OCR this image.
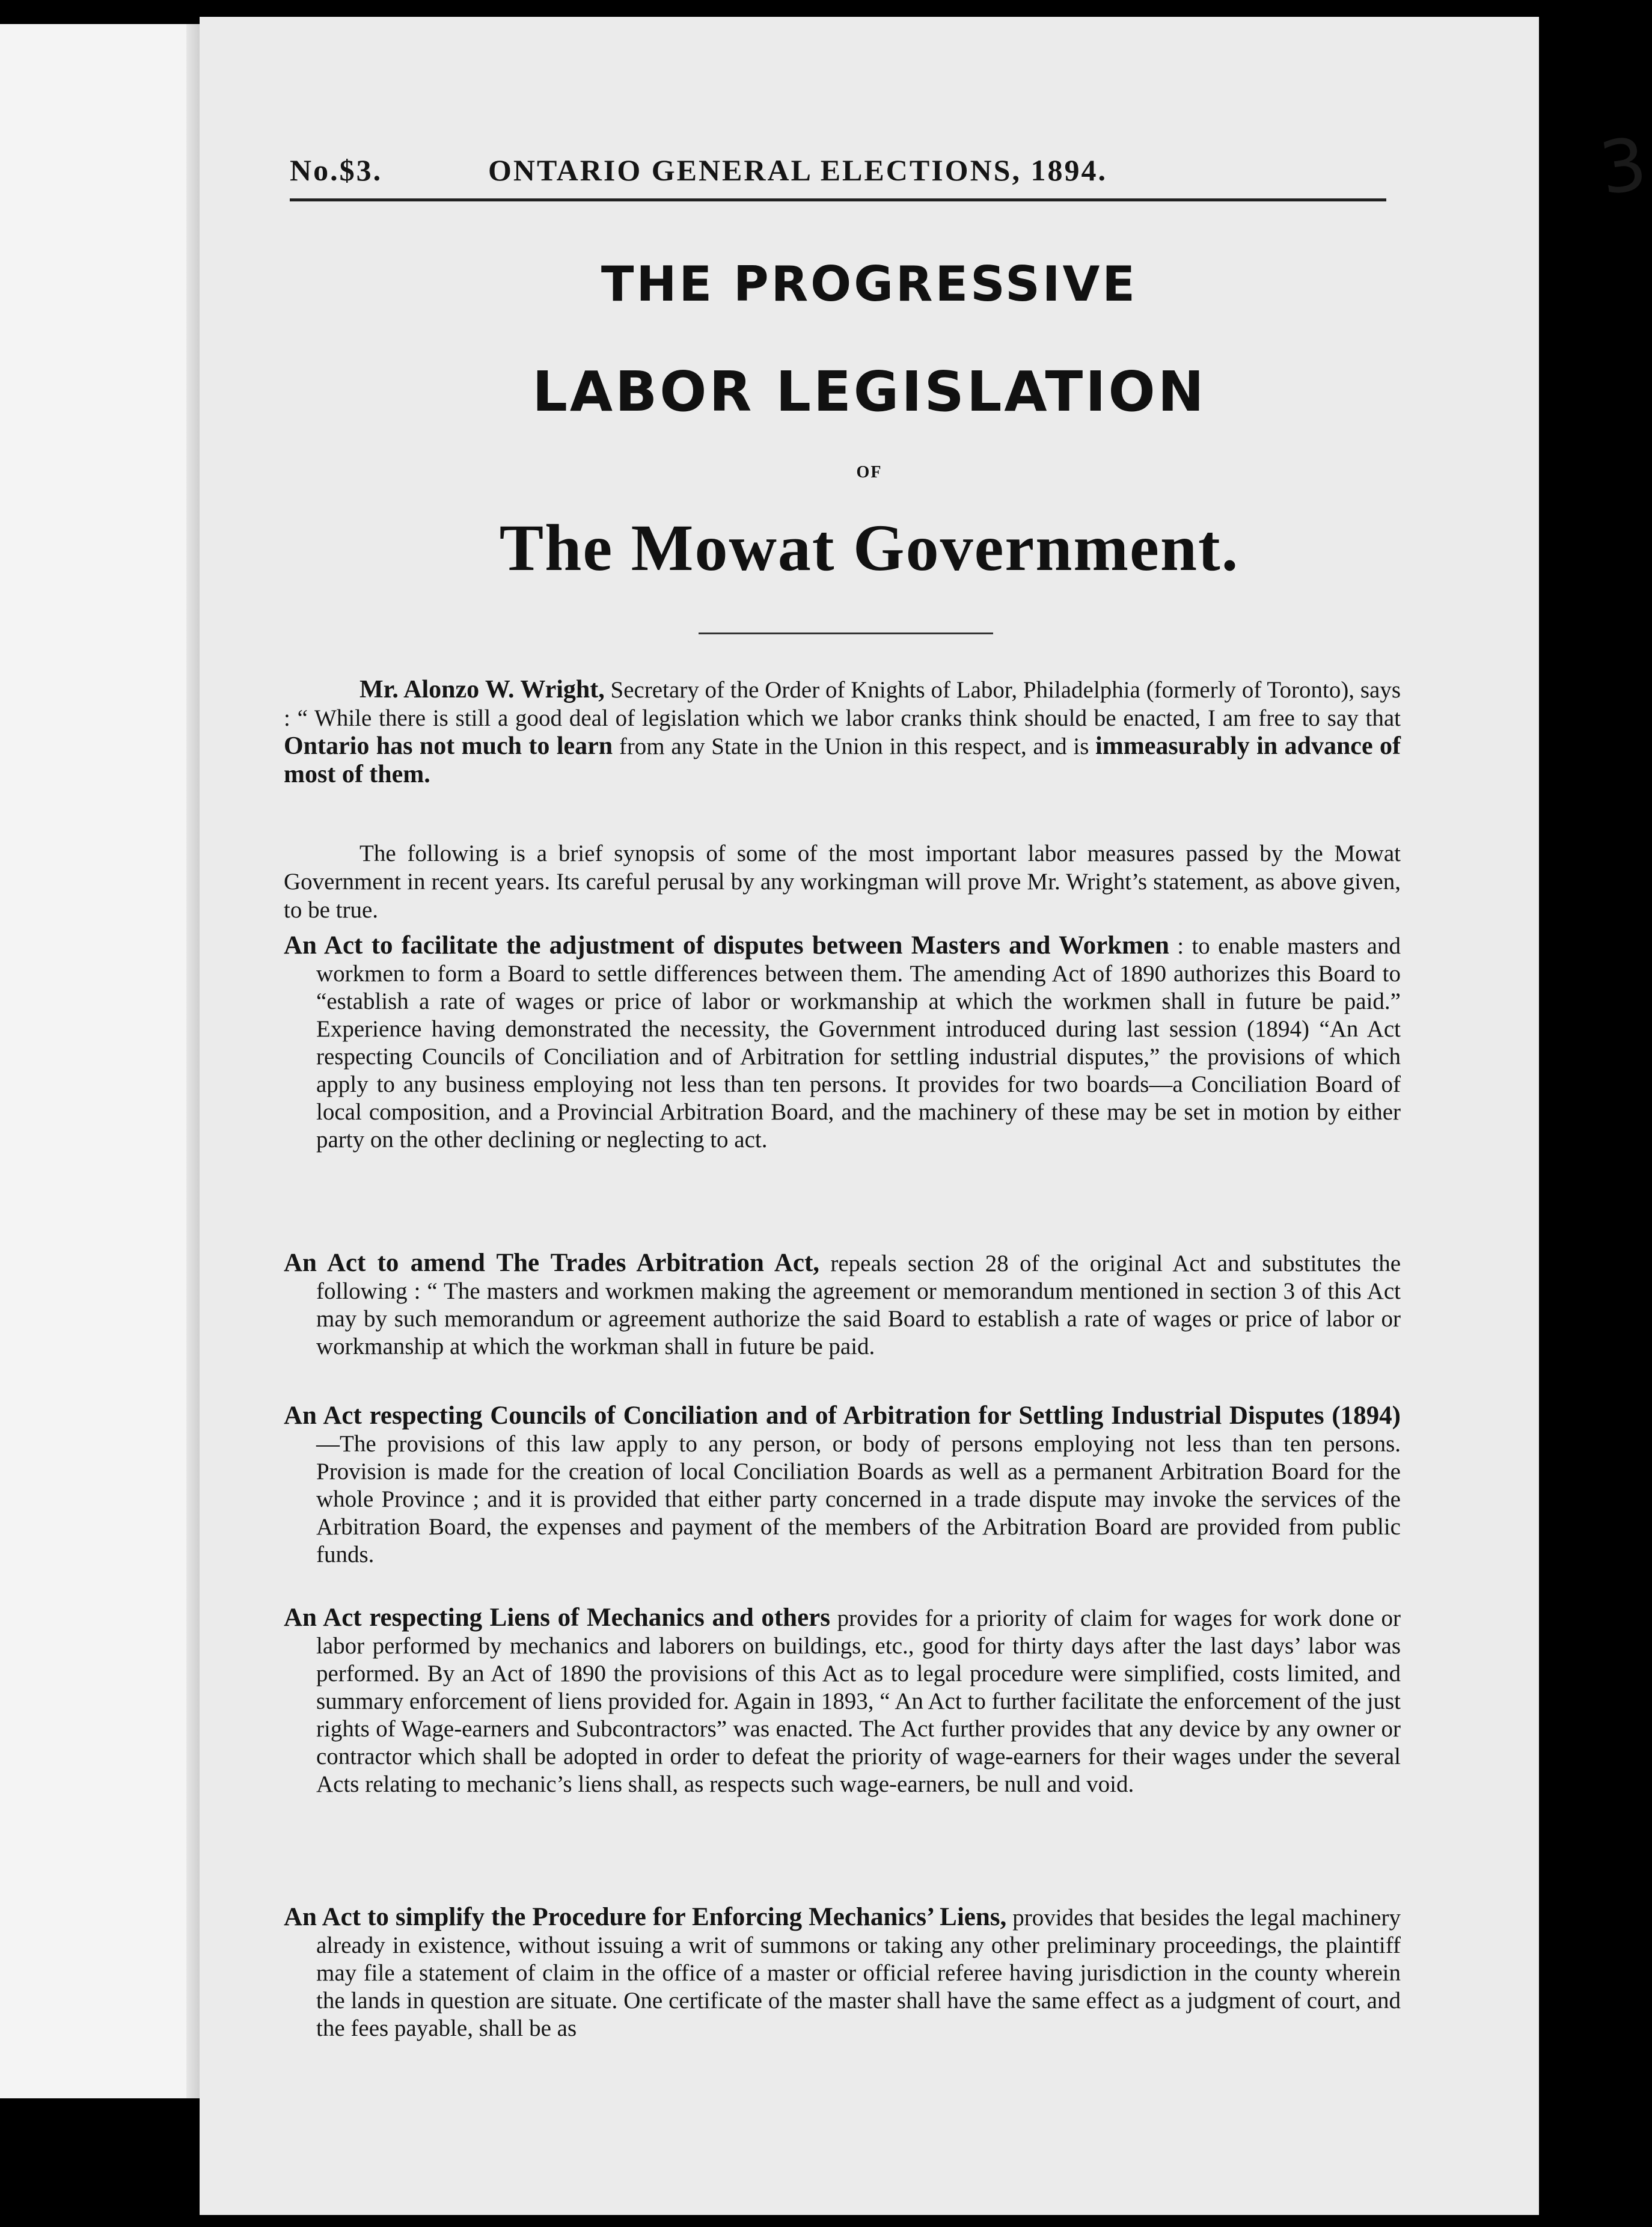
3
No.$3.	ONTARIO GENERAL ELECTIONS, 1894.
THE PROGRESSIVE
LABOR LEGISLATION
OF
The Mowat Government.

Mr. Alonzo W. Wright, Secretary of the Order of Knights of Labor, Philadelphia (formerly of Toronto), says : “ While there is still a good deal of legislation which we labor cranks think should be enacted, I am free to say that Ontario has not much to learn from any State in the Union in this respect, and is immeasurably in advance of most of them.

The following is a brief synopsis of some of the most important labor measures passed by the Mowat Government in recent years. Its careful perusal by any workingman will prove Mr. Wright’s statement, as above given, to be true.

An Act to facilitate the adjustment of disputes between Masters and Workmen : to enable masters and workmen to form a Board to settle differences between them. The amending Act of 1890 authorizes this Board to “establish a rate of wages or price of labor or workmanship at which the workmen shall in future be paid.” Experience having demonstrated the necessity, the Government introduced during last session (1894) “An Act respecting Councils of Conciliation and of Arbitration for settling industrial disputes,” the provisions of which apply to any business employing not less than ten persons. It provides for two boards—a Conciliation Board of local composition, and a Provincial Arbitration Board, and the machinery of these may be set in motion by either party on the other declining or neglecting to act.

An Act to amend The Trades Arbitration Act, repeals section 28 of the original Act and substitutes the following : “ The masters and workmen making the agreement or memorandum mentioned in section 3 of this Act may by such memorandum or agreement authorize the said Board to establish a rate of wages or price of labor or workmanship at which the workman shall in future be paid.

An Act respecting Councils of Conciliation and of Arbitration for Settling Industrial Disputes (1894)—The provisions of this law apply to any person, or body of persons employing not less than ten persons. Provision is made for the creation of local Conciliation Boards as well as a permanent Arbitration Board for the whole Province ; and it is provided that either party concerned in a trade dispute may invoke the services of the Arbitration Board, the expenses and payment of the members of the Arbitration Board are provided from public funds.

An Act respecting Liens of Mechanics and others provides for a priority of claim for wages for work done or labor performed by mechanics and laborers on buildings, etc., good for thirty days after the last days’ labor was performed. By an Act of 1890 the provisions of this Act as to legal procedure were simplified, costs limited, and summary enforcement of liens provided for. Again in 1893, “ An Act to further facilitate the enforcement of the just rights of Wage-earners and Subcontractors” was enacted. The Act further provides that any device by any owner or contractor which shall be adopted in order to defeat the priority of wage-earners for their wages under the several Acts relating to mechanic’s liens shall, as respects such wage-earners, be null and void.

An Act to simplify the Procedure for Enforcing Mechanics’ Liens, provides that besides the legal machinery already in existence, without issuing a writ of summons or taking any other preliminary proceedings, the plaintiff may file a statement of claim in the office of a master or official referee having jurisdiction in the county wherein the lands in question are situate. One certificate of the master shall have the same effect as a judgment of court, and the fees payable, shall be as
